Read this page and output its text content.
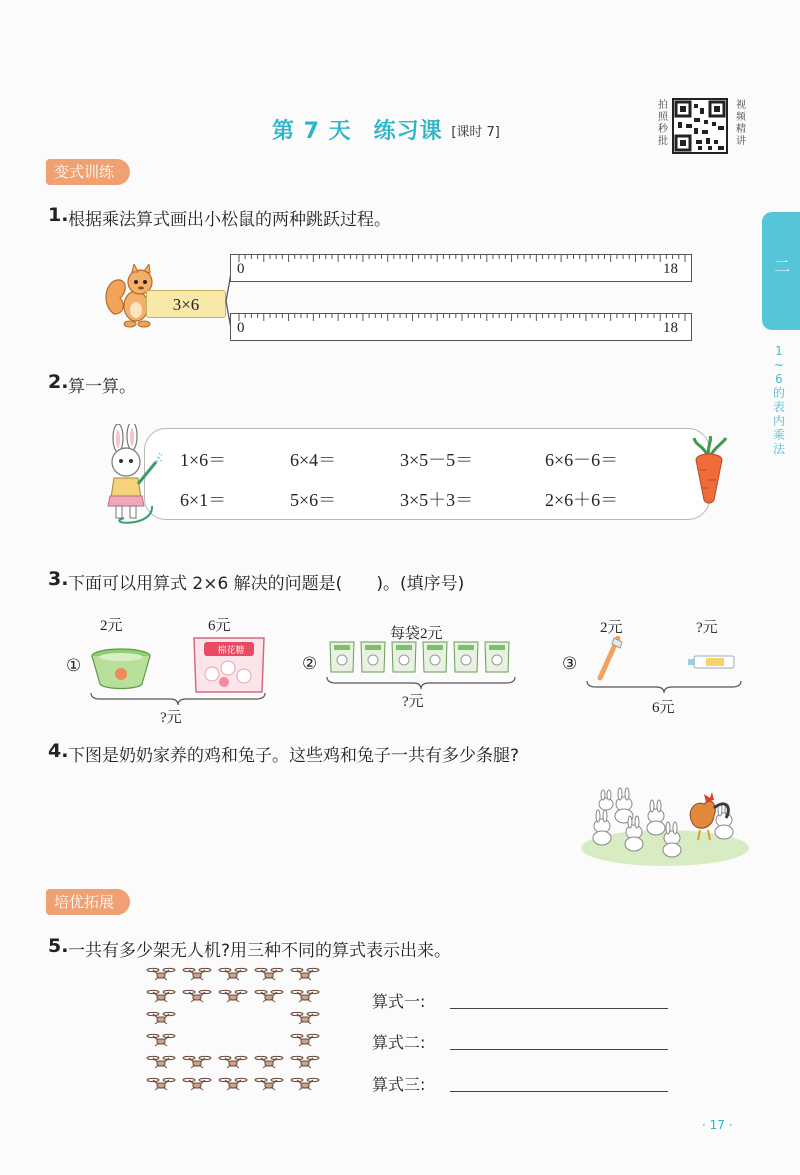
第 7 天 练习课 [课时 7]
拍照秒批
视频精讲
二
1~6的表内乘法
变式训练
1. 根据乘法算式画出小松鼠的两种跳跃过程。
3×6
0	18
0	18
2. 算一算。
1×6＝	6×4＝	3×5－5＝	6×6－6＝
6×1＝	5×6＝	3×5＋3＝	2×6＋6＝
3. 下面可以用算式 2×6 解决的问题是(　　)。(填序号)
2元	6元
①
棉花糖
?元
每袋2元
②
?元
2元	?元
③
6元
4. 下图是奶奶家养的鸡和兔子。这些鸡和兔子一共有多少条腿?
培优拓展
5. 一共有多少架无人机?用三种不同的算式表示出来。
算式一:
算式二:
算式三:
· 17 ·
